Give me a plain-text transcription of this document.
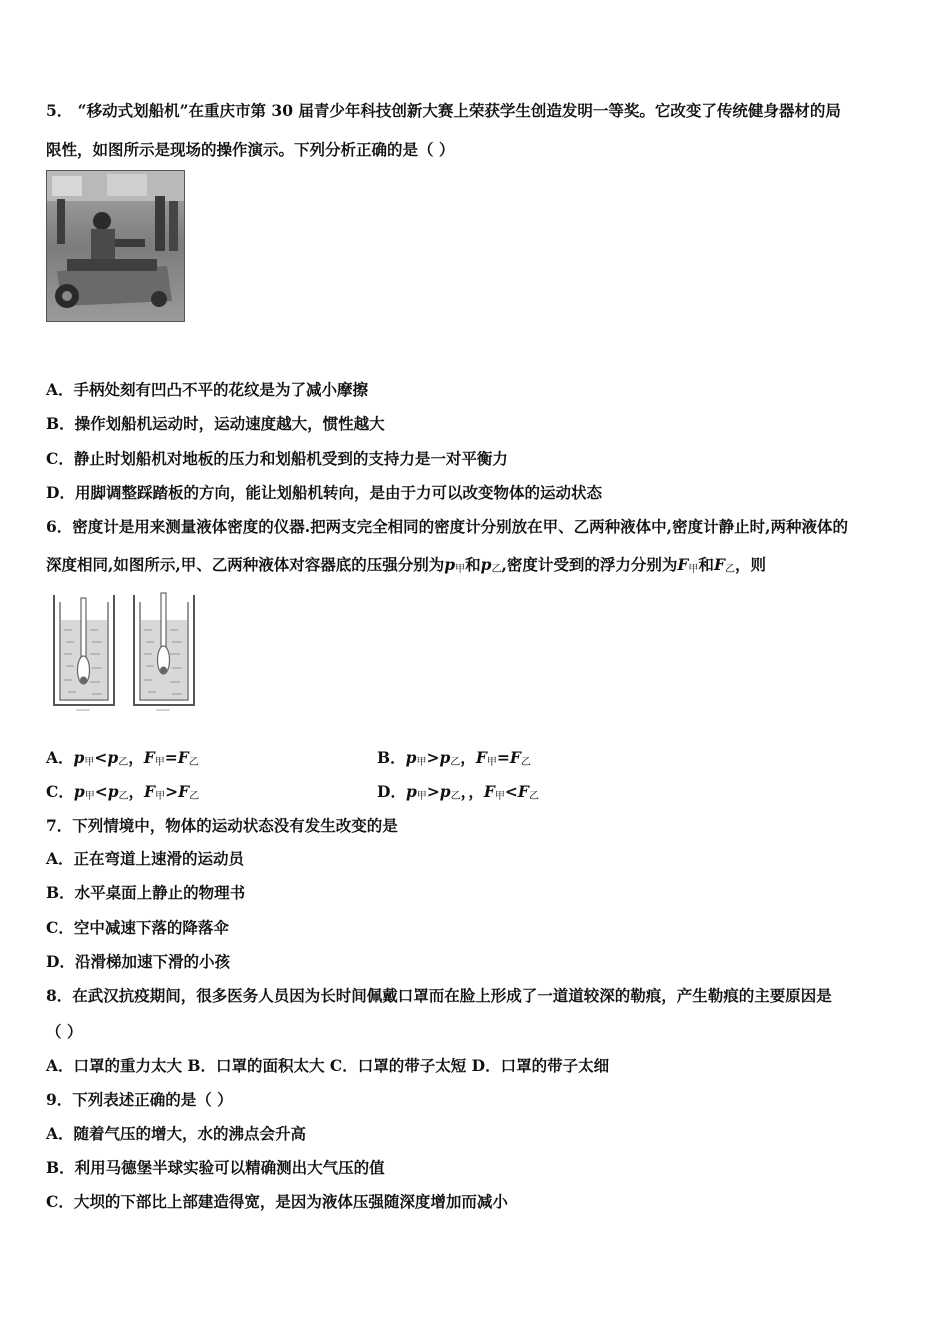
5． “移动式划船机”在重庆市第 30 届青少年科技创新大赛上荣获学生创造发明一等奖。它改变了传统健身器材的局
限性，如图所示是现场的操作演示。下列分析正确的是（ ）
A．手柄处刻有凹凸不平的花纹是为了减小摩擦
B．操作划船机运动时，运动速度越大，惯性越大
C．静止时划船机对地板的压力和划船机受到的支持力是一对平衡力
D．用脚调整踩踏板的方向，能让划船机转向，是由于力可以改变物体的运动状态
6．密度计是用来测量液体密度的仪器.把两支完全相同的密度计分别放在甲、乙两种液体中,密度计静止时,两种液体的
深度相同,如图所示,甲、乙两种液体对容器底的压强分别为$p_甲$和$p_乙$,密度计受到的浮力分别为$F_甲$和$F_乙$，则
A．$p_甲<p_乙$，$F_甲=F_乙$	B．$p_甲>p_乙$，$F_甲=F_乙$
C．$p_甲<p_乙$，$F_甲>F_乙$	D．$p_甲>p_乙$，，$F_甲<F_乙$
7．下列情境中，物体的运动状态没有发生改变的是
A．正在弯道上速滑的运动员
B．水平桌面上静止的物理书
C．空中减速下落的降落伞
D．沿滑梯加速下滑的小孩
8．在武汉抗疫期间，很多医务人员因为长时间佩戴口罩而在脸上形成了一道道较深的勒痕，产生勒痕的主要原因是
（ ）
A．口罩的重力太大 B．口罩的面积太大 C．口罩的带子太短 D．口罩的带子太细
9．下列表述正确的是（ ）
A．随着气压的增大，水的沸点会升高
B．利用马德堡半球实验可以精确测出大气压的值
C．大坝的下部比上部建造得宽，是因为液体压强随深度增加而减小
